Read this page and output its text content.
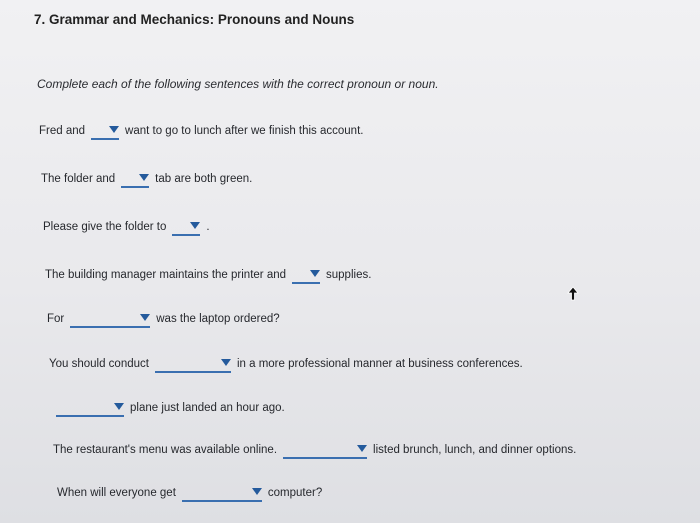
7. Grammar and Mechanics: Pronouns and Nouns
Complete each of the following sentences with the correct pronoun or noun.
Fred and	want to go to lunch after we finish this account.
The folder and	tab are both green.
Please give the folder to	.
The building manager maintains the printer and	supplies.
For	was the laptop ordered?
You should conduct	in a more professional manner at business conferences.
plane just landed an hour ago.
The restaurant's menu was available online.	listed brunch, lunch, and dinner options.
When will everyone get	computer?
